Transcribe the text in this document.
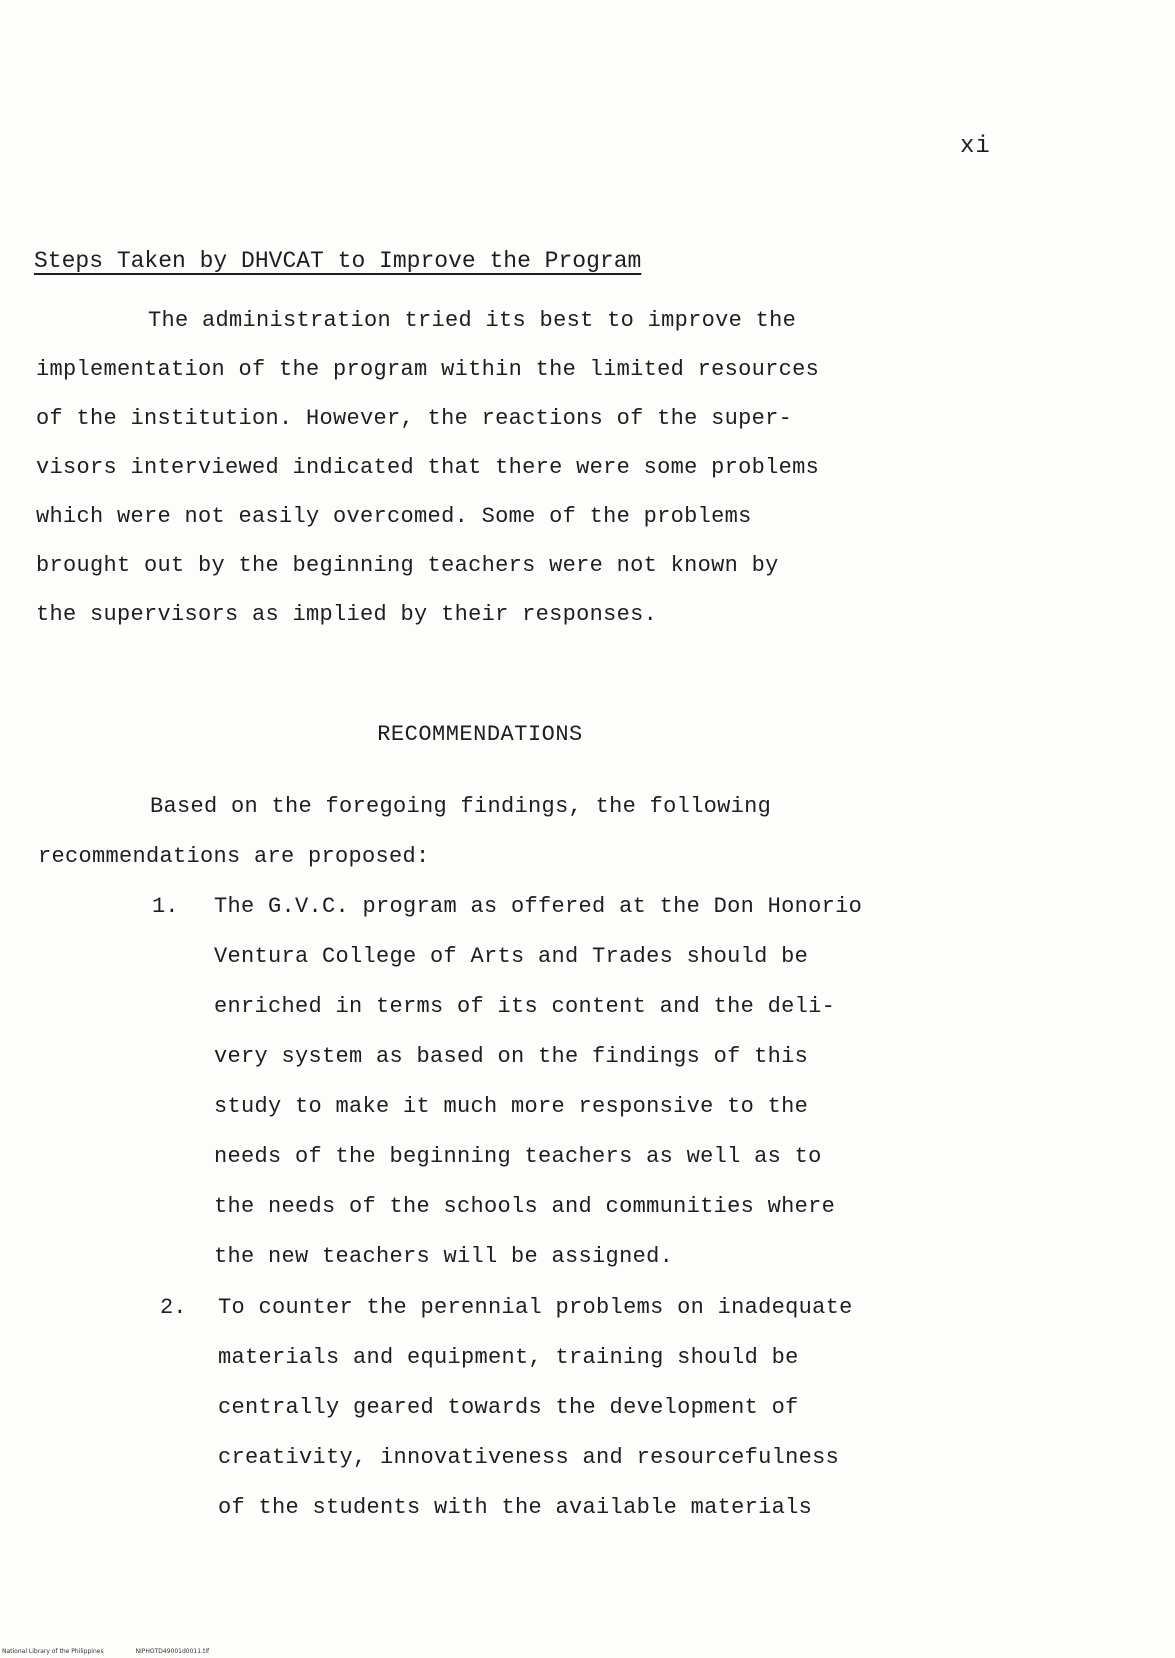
xi
Steps Taken by DHVCAT to Improve the Program
The administration tried its best to improve the
implementation of the program within the limited resources
of the institution. However, the reactions of the super-
visors interviewed indicated that there were some problems
which were not easily overcomed. Some of the problems
brought out by the beginning teachers were not known by
the supervisors as implied by their responses.
RECOMMENDATIONS
Based on the foregoing findings, the following
recommendations are proposed:
1. The G.V.C. program as offered at the Don Honorio
Ventura College of Arts and Trades should be
enriched in terms of its content and the deli-
very system as based on the findings of this
study to make it much more responsive to the
needs of the beginning teachers as well as to
the needs of the schools and communities where
the new teachers will be assigned.
2. To counter the perennial problems on inadequate
materials and equipment, training should be
centrally geared towards the development of
creativity, innovativeness and resourcefulness
of the students with the available materials
National Library of the Philippines	NIPHOTD49001d0011.tif
